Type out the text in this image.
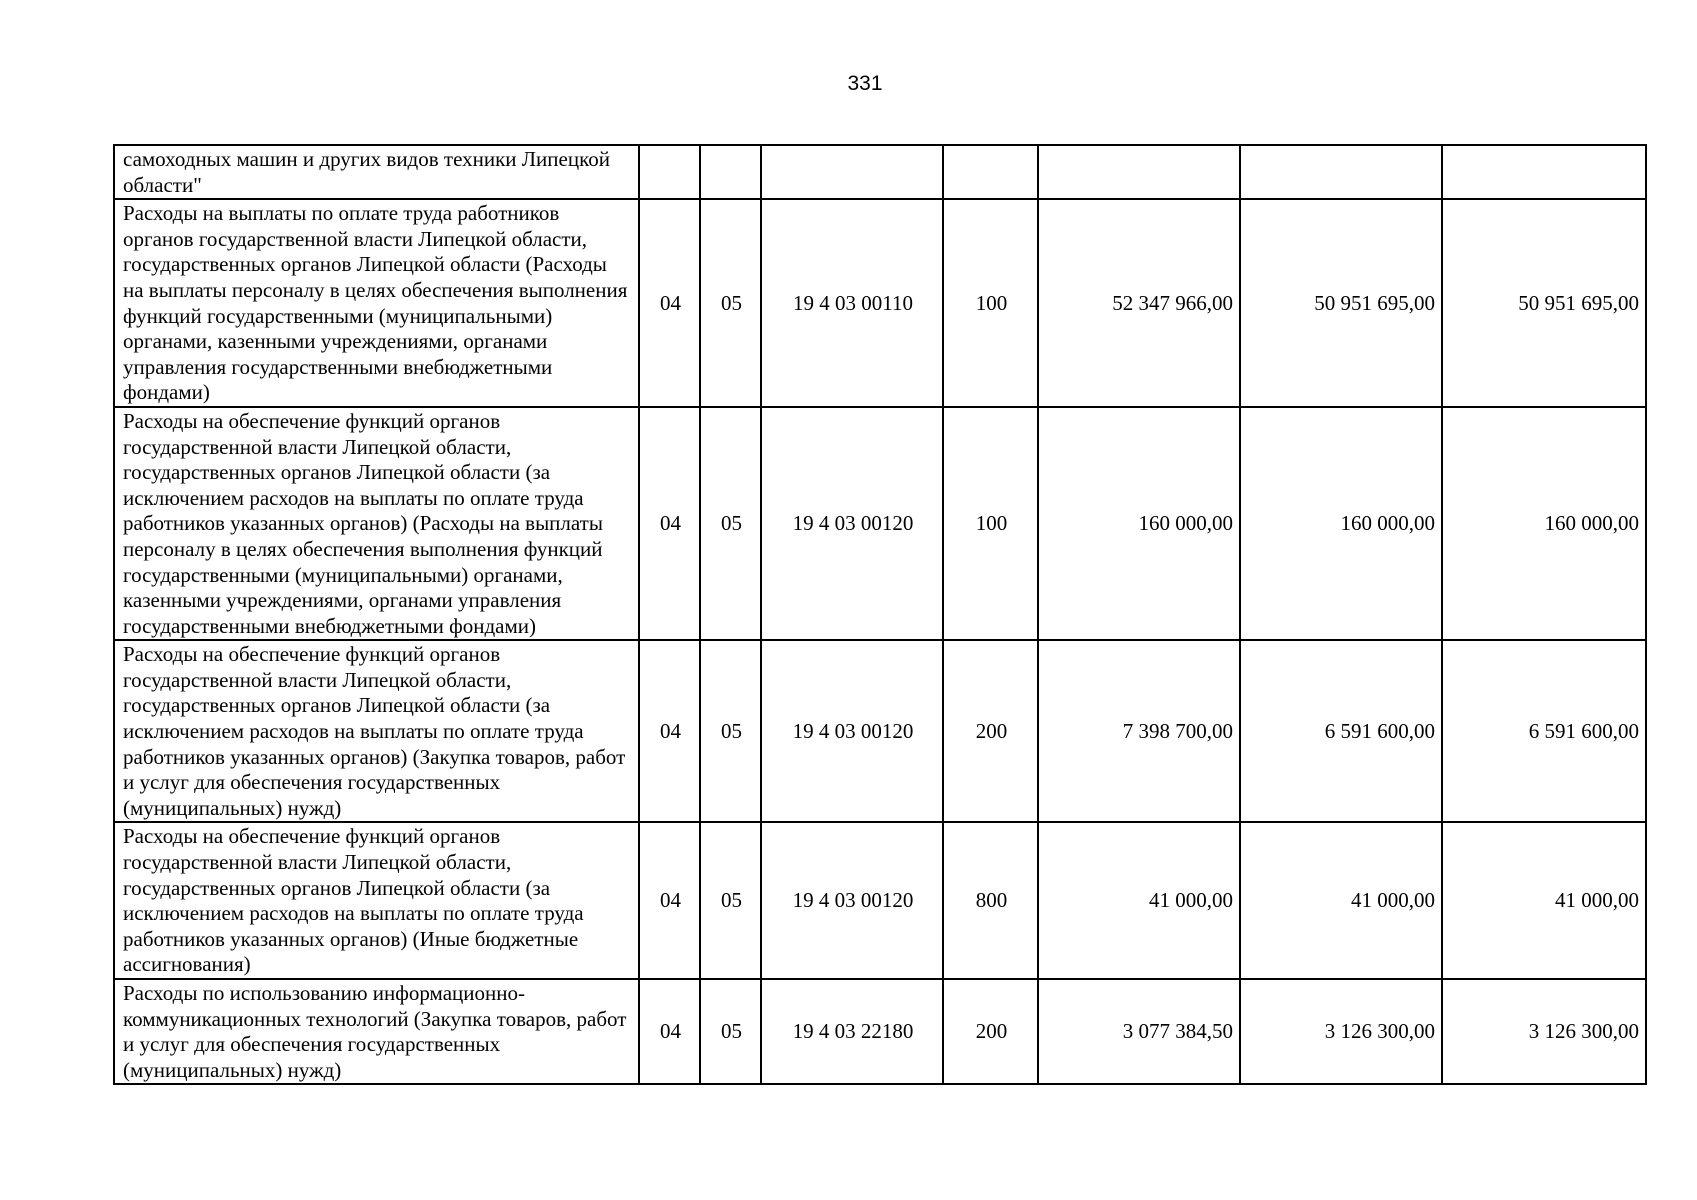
331
самоходных машин и других видов техники Липецкой области"							
Расходы на выплаты по оплате труда работников органов государственной власти Липецкой области, государственных органов Липецкой области (Расходы на выплаты персоналу в целях обеспечения выполнения функций государственными (муниципальными) органами, казенными учреждениями, органами управления государственными внебюджетными фондами)	04	05	19 4 03 00110	100	52 347 966,00	50 951 695,00	50 951 695,00
Расходы на обеспечение функций органов государственной власти Липецкой области, государственных органов Липецкой области (за исключением расходов на выплаты по оплате труда работников указанных органов) (Расходы на выплаты персоналу в целях обеспечения выполнения функций государственными (муниципальными) органами, казенными учреждениями, органами управления государственными внебюджетными фондами)	04	05	19 4 03 00120	100	160 000,00	160 000,00	160 000,00
Расходы на обеспечение функций органов государственной власти Липецкой области, государственных органов Липецкой области (за исключением расходов на выплаты по оплате труда работников указанных органов) (Закупка товаров, работ и услуг для обеспечения государственных (муниципальных) нужд)	04	05	19 4 03 00120	200	7 398 700,00	6 591 600,00	6 591 600,00
Расходы на обеспечение функций органов государственной власти Липецкой области, государственных органов Липецкой области (за исключением расходов на выплаты по оплате труда работников указанных органов) (Иные бюджетные ассигнования)	04	05	19 4 03 00120	800	41 000,00	41 000,00	41 000,00
Расходы по использованию информационно-коммуникационных технологий (Закупка товаров, работ и услуг для обеспечения государственных (муниципальных) нужд)	04	05	19 4 03 22180	200	3 077 384,50	3 126 300,00	3 126 300,00
